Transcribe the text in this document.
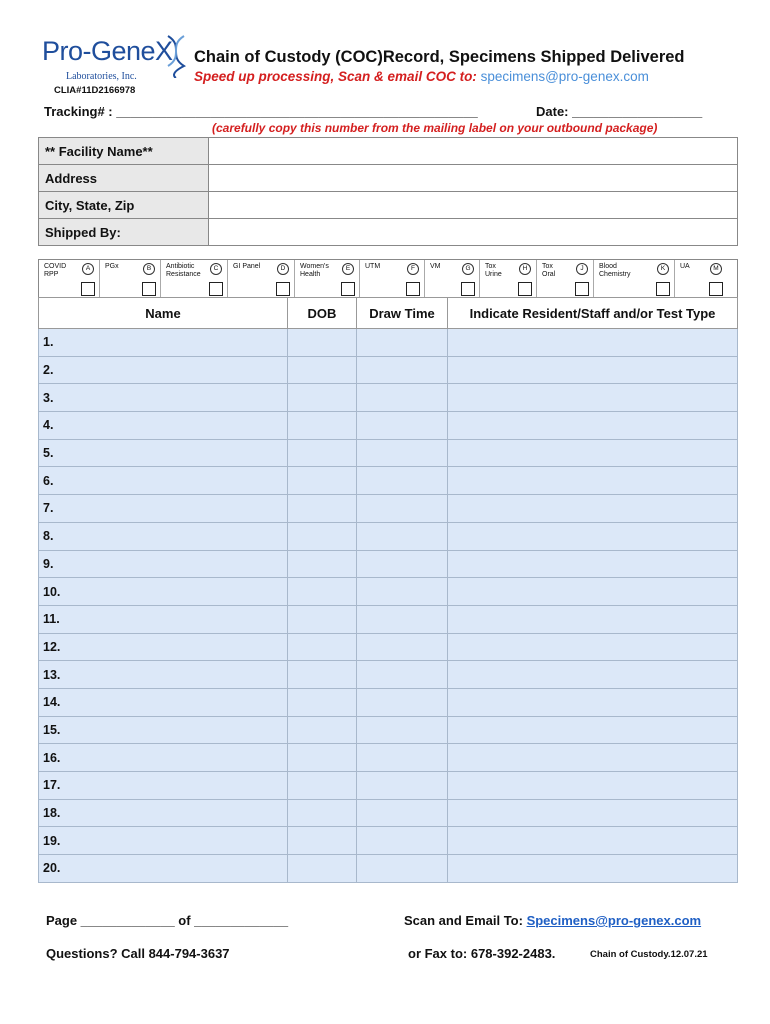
Pro-GeneX
Laboratories, Inc.
CLIA#11D2166978
Chain of Custody (COC)Record, Specimens Shipped Delivered
Speed up processing, Scan & email COC to: specimens@pro-genex.com
Tracking# : __________________________________________________	Date: __________________
(carefully copy this number from the mailing label on your outbound package)
** Facility Name**	
Address	
City, State, Zip	
Shipped By:	
COVID
RPP
A	PGx	B	Antibiotic
Resistance
C	GI Panel	D	Women's
Health
E	UTM	F	VM	G	Tox
Urine
H	Tox
Oral
J	Blood
Chemistry
K	UA	M
Name	DOB	Draw Time	Indicate Resident/Staff and/or Test Type
1.			
2.			
3.			
4.			
5.			
6.			
7.			
8.			
9.			
10.			
11.			
12.			
13.			
14.			
15.			
16.			
17.			
18.			
19.			
20.			
Page _____________ of _____________	Scan and Email To: Specimens@pro-genex.com
Questions? Call 844-794-3637	or Fax to: 678-392-2483.	Chain of Custody.12.07.21
